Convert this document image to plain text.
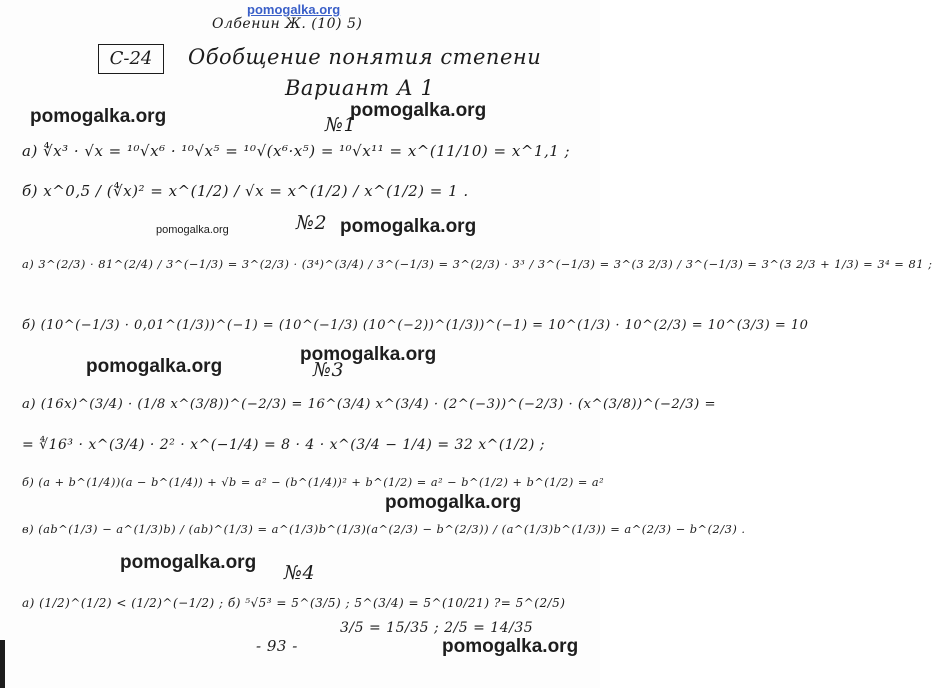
pomogalka.org
Олбенин Ж. (10) 5)
С-24	Обобщение понятия степени
Вариант А 1
pomogalka.org	pomogalka.org
№1
а) ∜x³ · √x = ¹⁰√x⁶ · ¹⁰√x⁵ = ¹⁰√(x⁶·x⁵) = ¹⁰√x¹¹ = x^(11/10) = x^1,1 ;
б) x^0,5 / (∜x)² = x^(1/2) / √x = x^(1/2) / x^(1/2) = 1 .
pomogalka.org	№2 pomogalka.org
а) 3^(2/3) · 81^(2/4) / 3^(−1/3) = 3^(2/3) · (3⁴)^(3/4) / 3^(−1/3) = 3^(2/3) · 3³ / 3^(−1/3) = 3^(3 2/3) / 3^(−1/3) = 3^(3 2/3 + 1/3) = 3⁴ = 81 ;
б) (10^(−1/3) · 0,01^(1/3))^(−1) = (10^(−1/3) (10^(−2))^(1/3))^(−1) = 10^(1/3) · 10^(2/3) = 10^(3/3) = 10
pomogalka.org
pomogalka.org
№3
а) (16x)^(3/4) · (1/8 x^(3/8))^(−2/3) = 16^(3/4) x^(3/4) · (2^(−3))^(−2/3) · (x^(3/8))^(−2/3) =
= ∜16³ · x^(3/4) · 2² · x^(−1/4) = 8 · 4 · x^(3/4 − 1/4) = 32 x^(1/2) ;
б) (a + b^(1/4))(a − b^(1/4)) + √b = a² − (b^(1/4))² + b^(1/2) = a² − b^(1/2) + b^(1/2) = a²
pomogalka.org
в) (ab^(1/3) − a^(1/3)b) / (ab)^(1/3) = a^(1/3)b^(1/3)(a^(2/3) − b^(2/3)) / (a^(1/3)b^(1/3)) = a^(2/3) − b^(2/3) .
pomogalka.org №4
а) (1/2)^(1/2) < (1/2)^(−1/2) ; б) ⁵√5³ = 5^(3/5) ; 5^(3/4) = 5^(10/21) ?= 5^(2/5)
3/5 = 15/35 ; 2/5 = 14/35
- 93 -	pomogalka.org
